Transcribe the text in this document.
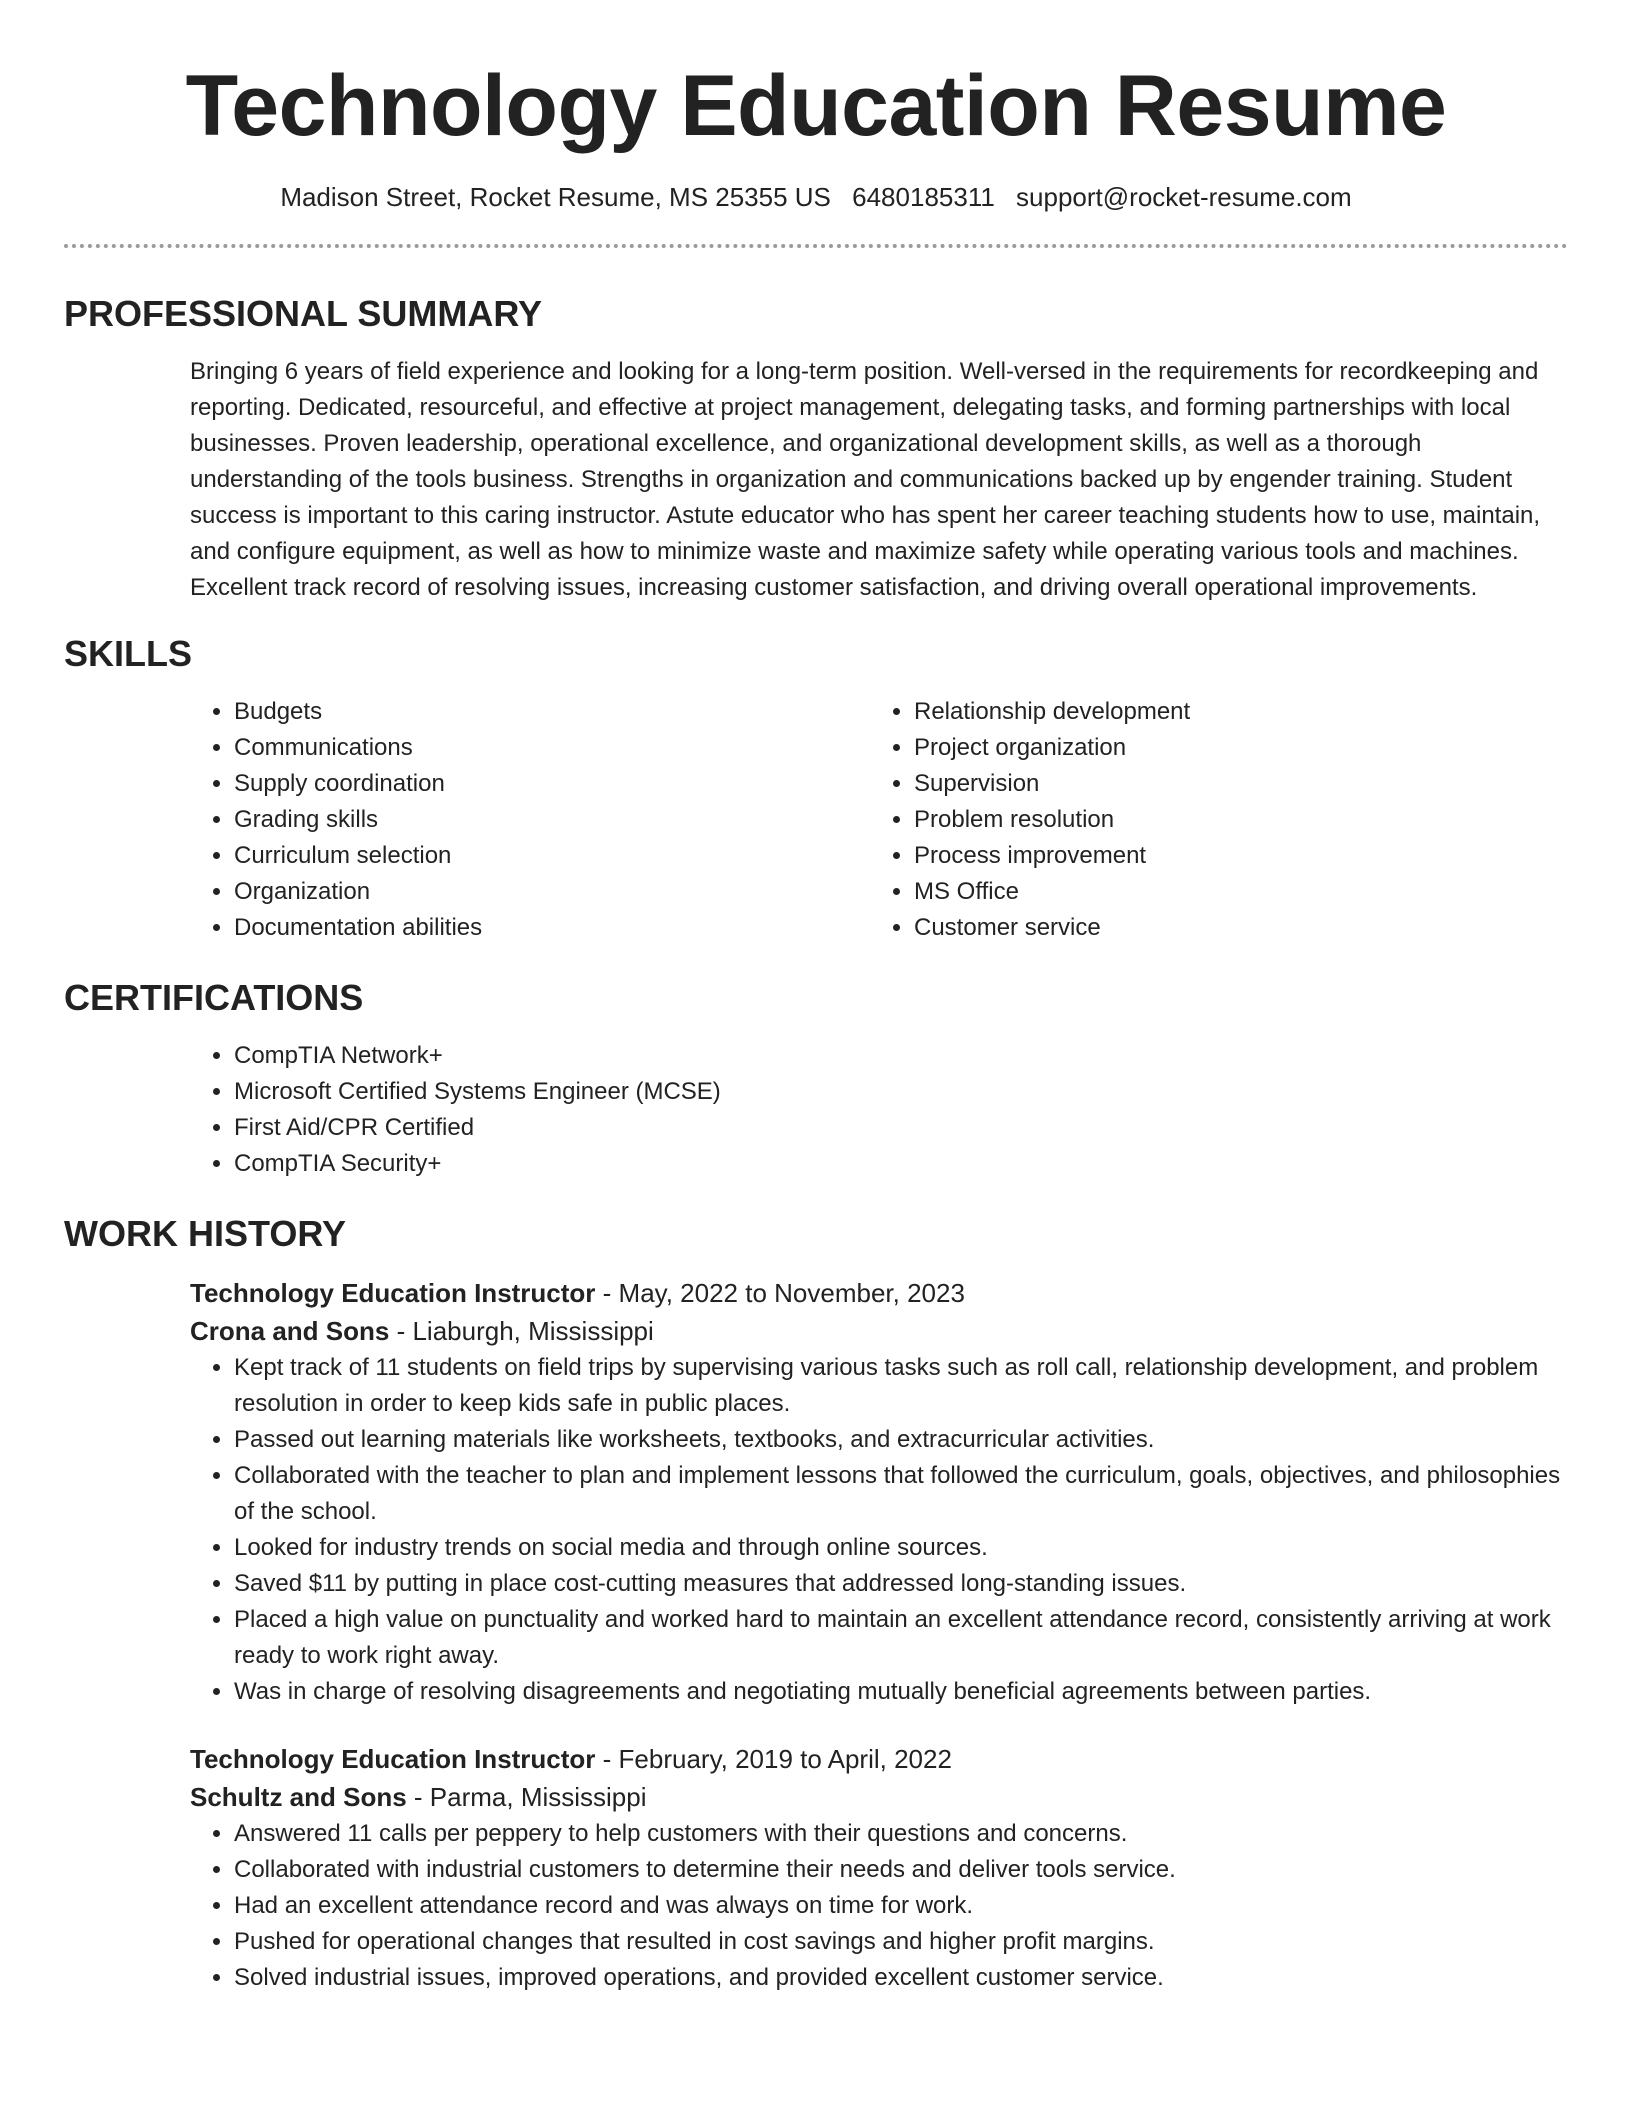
Technology Education Resume
Madison Street, Rocket Resume, MS 25355 US 6480185311 support@rocket-resume.com
PROFESSIONAL SUMMARY
Bringing 6 years of field experience and looking for a long-term position. Well-versed in the requirements for recordkeeping and reporting. Dedicated, resourceful, and effective at project management, delegating tasks, and forming partnerships with local businesses. Proven leadership, operational excellence, and organizational development skills, as well as a thorough understanding of the tools business. Strengths in organization and communications backed up by engender training. Student success is important to this caring instructor. Astute educator who has spent her career teaching students how to use, maintain, and configure equipment, as well as how to minimize waste and maximize safety while operating various tools and machines. Excellent track record of resolving issues, increasing customer satisfaction, and driving overall operational improvements.
SKILLS
• Budgets
• Communications
• Supply coordination
• Grading skills
• Curriculum selection
• Organization
• Documentation abilities
• Relationship development
• Project organization
• Supervision
• Problem resolution
• Process improvement
• MS Office
• Customer service
CERTIFICATIONS
• CompTIA Network+
• Microsoft Certified Systems Engineer (MCSE)
• First Aid/CPR Certified
• CompTIA Security+
WORK HISTORY
Technology Education Instructor - May, 2022 to November, 2023
Crona and Sons - Liaburgh, Mississippi
• Kept track of 11 students on field trips by supervising various tasks such as roll call, relationship development, and problem resolution in order to keep kids safe in public places.
• Passed out learning materials like worksheets, textbooks, and extracurricular activities.
• Collaborated with the teacher to plan and implement lessons that followed the curriculum, goals, objectives, and philosophies of the school.
• Looked for industry trends on social media and through online sources.
• Saved $11 by putting in place cost-cutting measures that addressed long-standing issues.
• Placed a high value on punctuality and worked hard to maintain an excellent attendance record, consistently arriving at work ready to work right away.
• Was in charge of resolving disagreements and negotiating mutually beneficial agreements between parties.
Technology Education Instructor - February, 2019 to April, 2022
Schultz and Sons - Parma, Mississippi
• Answered 11 calls per peppery to help customers with their questions and concerns.
• Collaborated with industrial customers to determine their needs and deliver tools service.
• Had an excellent attendance record and was always on time for work.
• Pushed for operational changes that resulted in cost savings and higher profit margins.
• Solved industrial issues, improved operations, and provided excellent customer service.
